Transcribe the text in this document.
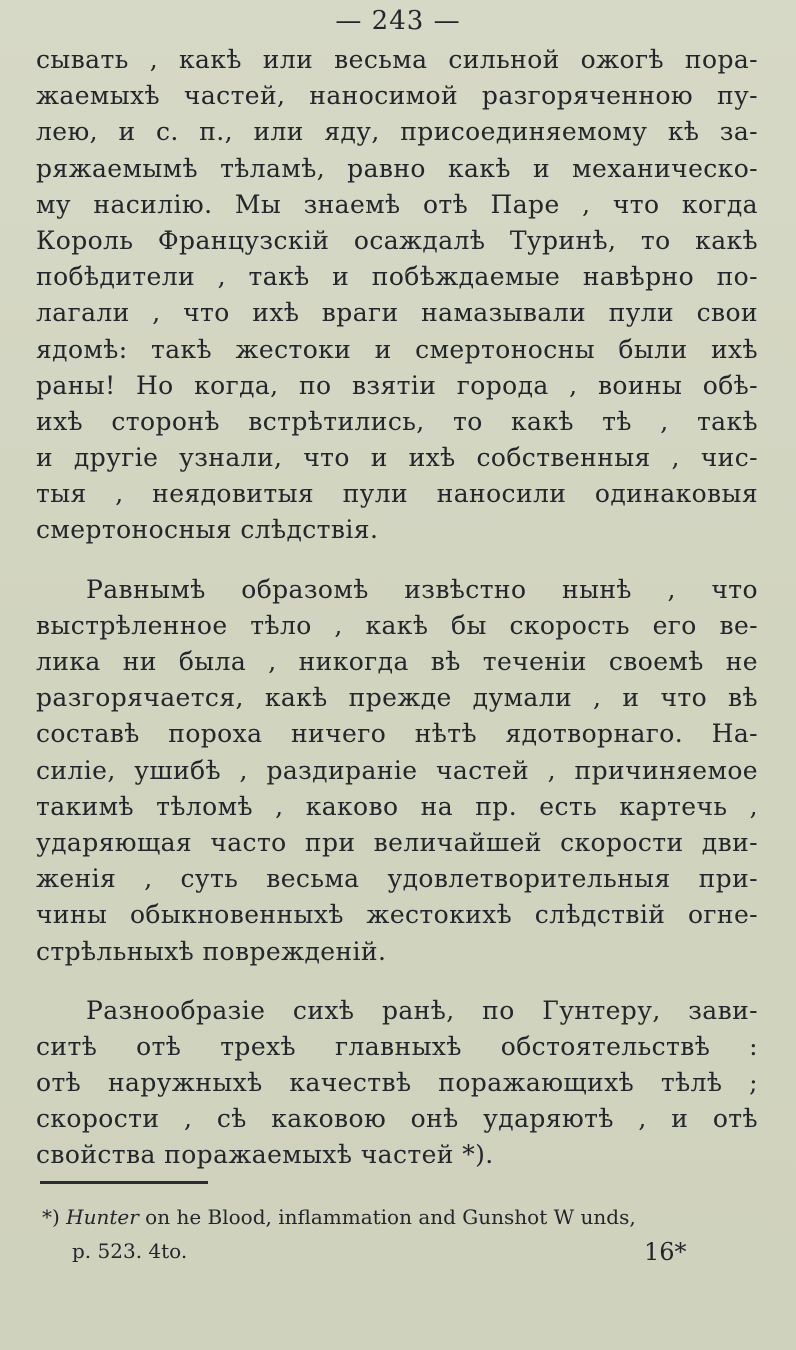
— 243 —
сывать , какѣ или весьма сильной ожогѣ пора-
жаемыхѣ частей, наносимой разгоряченною пу-
лею, и с. п., или яду, присоединяемому кѣ за-
ряжаемымѣ тѣламѣ, равно какѣ и механическо-
му насилію. Мы знаемѣ отѣ Паре , что когда
Король Французскій осаждалѣ Туринѣ, то какѣ
побѣдители , такѣ и побѣждаемые навѣрно по-
лагали , что ихѣ враги намазывали пули свои
ядомѣ: такѣ жестоки и смертоносны были ихѣ
раны! Но когда, по взятіи города , воины обѣ-
ихѣ сторонѣ встрѣтились, то какѣ тѣ , такѣ
и другіе узнали, что и ихѣ собственныя , чис-
тыя , неядовитыя пули наносили одинаковыя
смертоносныя слѣдствія.
Равнымѣ образомѣ извѣстно нынѣ , что
выстрѣленное тѣло , какѣ бы скорость его ве-
лика ни была , никогда вѣ теченіи своемѣ не
разгорячается, какѣ прежде думали , и что вѣ
составѣ пороха ничего нѣтѣ ядотворнаго. На-
силіе, ушибѣ , раздираніе частей , причиняемое
такимѣ тѣломѣ , каково на пр. есть картечь ,
ударяющая часто при величайшей скорости дви-
женія , суть весьма удовлетворительныя при-
чины обыкновенныхѣ жестокихѣ слѣдствій огне-
стрѣльныхѣ поврежденій.
Разнообразіе сихѣ ранѣ, по Гунтеру, зави-
ситѣ отѣ трехѣ главныхѣ обстоятельствѣ :
отѣ наружныхѣ качествѣ поражающихѣ тѣлѣ ;
скорости , сѣ каковою онѣ ударяютѣ , и отѣ
свойства поражаемыхѣ частей *).
*) Hunter on he Blood, inflammation and Gunshot W unds,
p. 523. 4to.	16*
